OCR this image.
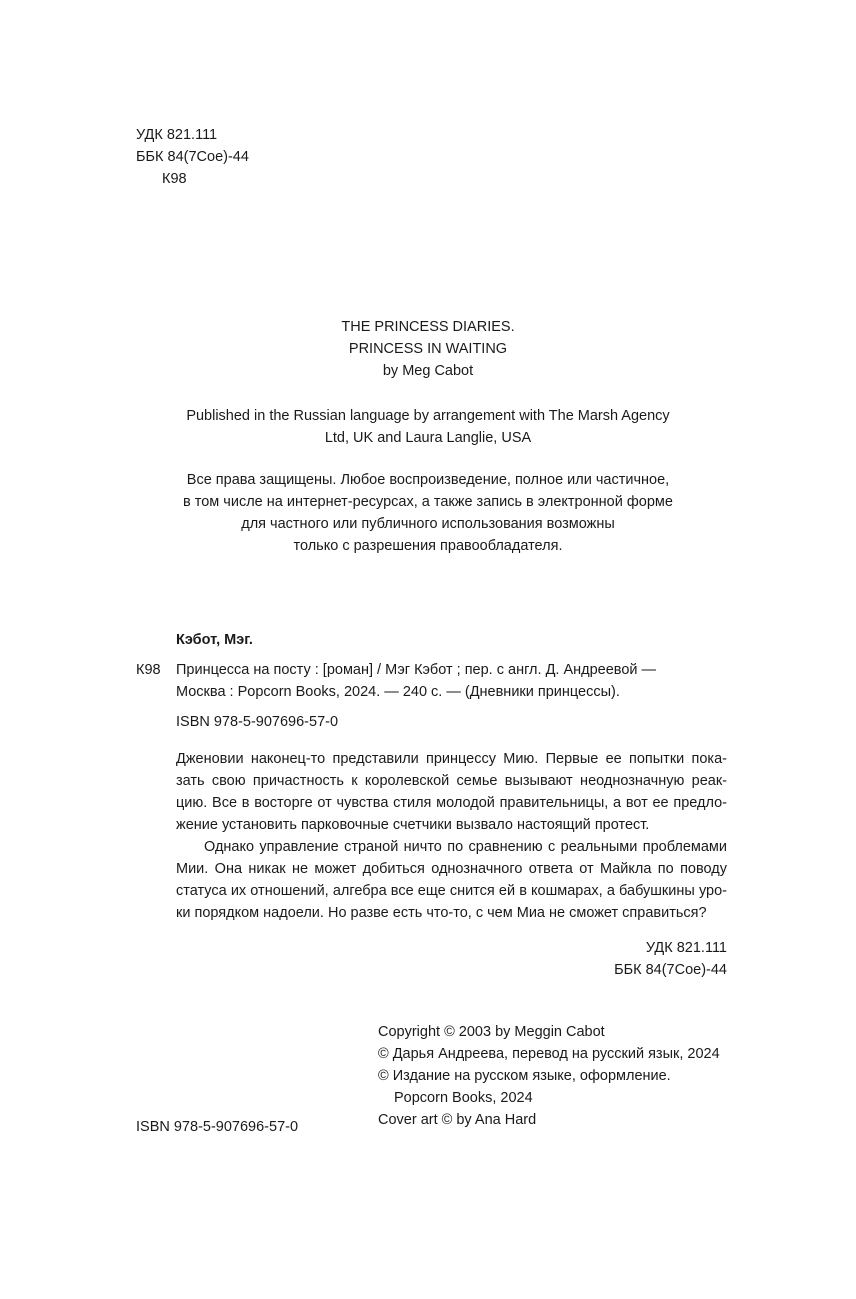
УДК 821.111
ББК 84(7Сое)-44
К98
THE PRINCESS DIARIES.
PRINCESS IN WAITING
by Meg Cabot
Published in the Russian language by arrangement with The Marsh Agency
Ltd, UK and Laura Langlie, USA
Все права защищены. Любое воспроизведение, полное или частичное,
в том числе на интернет-ресурсах, а также запись в электронной форме
для частного или публичного использования возможны
только с разрешения правообладателя.
Кэбот, Мэг.
К98 Принцесса на посту : [роман] / Мэг Кэбот ; пер. с англ. Д. Андреевой —
Москва : Popcorn Books, 2024. — 240 с. — (Дневники принцессы).
ISBN 978-5-907696-57-0
Дженовии наконец-то представили принцессу Мию. Первые ее попытки пока-
зать свою причастность к королевской семье вызывают неоднозначную реак-
цию. Все в восторге от чувства стиля молодой правительницы, а вот ее предло-
жение установить парковочные счетчики вызвало настоящий протест.
Однако управление страной ничто по сравнению с реальными проблемами
Мии. Она никак не может добиться однозначного ответа от Майкла по поводу
статуса их отношений, алгебра все еще снится ей в кошмарах, а бабушкины уро-
ки порядком надоели. Но разве есть что-то, с чем Миа не сможет справиться?
УДК 821.111
ББК 84(7Сое)-44
Copyright © 2003 by Meggin Cabot
© Дарья Андреева, перевод на русский язык, 2024
© Издание на русском языке, оформление.
Popcorn Books, 2024
Cover art © by Ana Hard
ISBN 978-5-907696-57-0
